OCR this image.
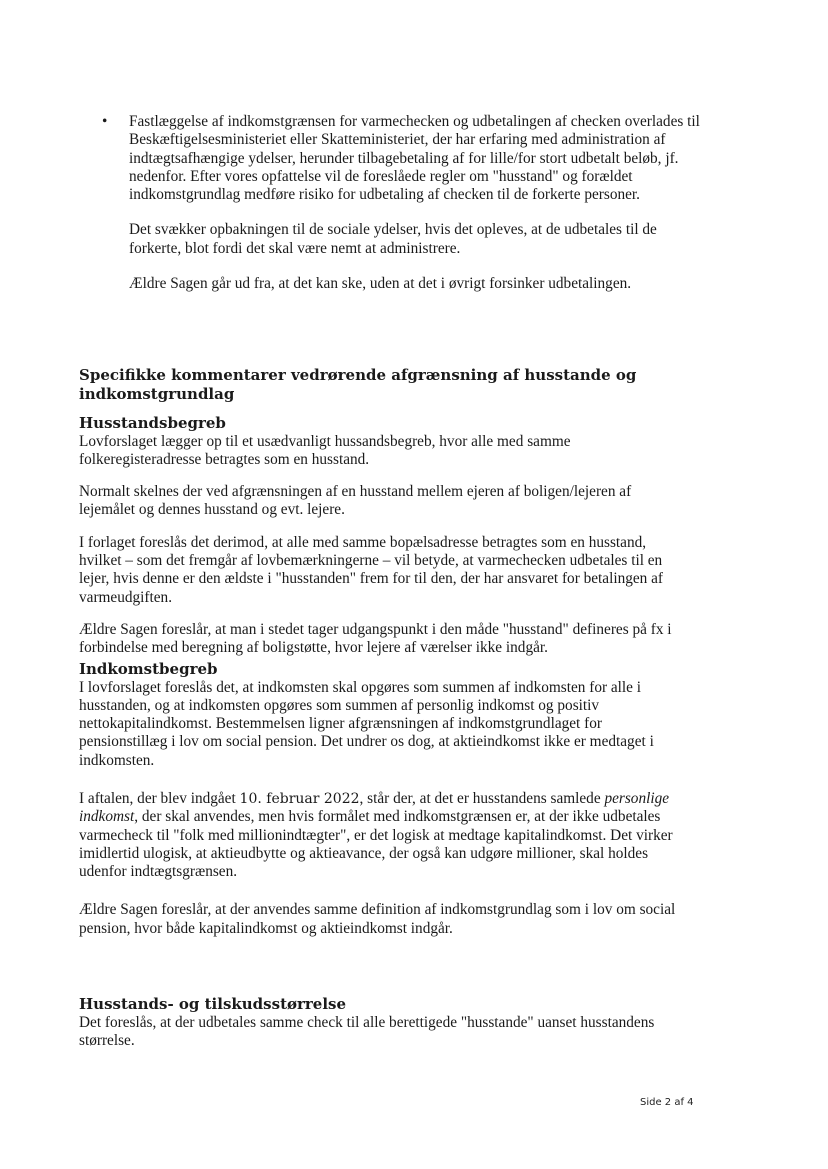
•	Fastlæggelse af indkomstgrænsen for varmechecken og udbetalingen af checken overlades til Beskæftigelsesministeriet eller Skatteministeriet, der har erfaring med administration af indtægtsafhængige ydelser, herunder tilbagebetaling af for lille/for stort udbetalt beløb, jf. nedenfor. Efter vores opfattelse vil de foreslåede regler om "husstand" og forældet indkomstgrundlag medføre risiko for udbetaling af checken til de forkerte personer.

Det svækker opbakningen til de sociale ydelser, hvis det opleves, at de udbetales til de forkerte, blot fordi det skal være nemt at administrere.

Ældre Sagen går ud fra, at det kan ske, uden at det i øvrigt forsinker udbetalingen.

Specifikke kommentarer vedrørende afgrænsning af husstande og indkomstgrundlag
Husstandsbegreb

Lovforslaget lægger op til et usædvanligt hussandsbegreb, hvor alle med samme folkeregisteradresse betragtes som en husstand.

Normalt skelnes der ved afgrænsningen af en husstand mellem ejeren af boligen/lejeren af lejemålet og dennes husstand og evt. lejere.

I forlaget foreslås det derimod, at alle med samme bopælsadresse betragtes som en husstand, hvilket – som det fremgår af lovbemærkningerne – vil betyde, at varmechecken udbetales til en lejer, hvis denne er den ældste i "husstanden" frem for til den, der har ansvaret for betalingen af varmeudgiften.

Ældre Sagen foreslår, at man i stedet tager udgangspunkt i den måde "husstand" defineres på fx i forbindelse med beregning af boligstøtte, hvor lejere af værelser ikke indgår.

Indkomstbegreb

I lovforslaget foreslås det, at indkomsten skal opgøres som summen af indkomsten for alle i husstanden, og at indkomsten opgøres som summen af personlig indkomst og positiv nettokapitalindkomst. Bestemmelsen ligner afgrænsningen af indkomstgrundlaget for pensionstillæg i lov om social pension. Det undrer os dog, at aktieindkomst ikke er medtaget i indkomsten.

I aftalen, der blev indgået 10. februar 2022, står der, at det er husstandens samlede personlige indkomst, der skal anvendes, men hvis formålet med indkomstgrænsen er, at der ikke udbetales varmecheck til "folk med millionindtægter", er det logisk at medtage kapitalindkomst. Det virker imidlertid ulogisk, at aktieudbytte og aktieavance, der også kan udgøre millioner, skal holdes udenfor indtægtsgrænsen.

Ældre Sagen foreslår, at der anvendes samme definition af indkomstgrundlag som i lov om social pension, hvor både kapitalindkomst og aktieindkomst indgår.

Husstands- og tilskudsstørrelse

Det foreslås, at der udbetales samme check til alle berettigede "husstande" uanset husstandens størrelse.

Side 2 af 4
